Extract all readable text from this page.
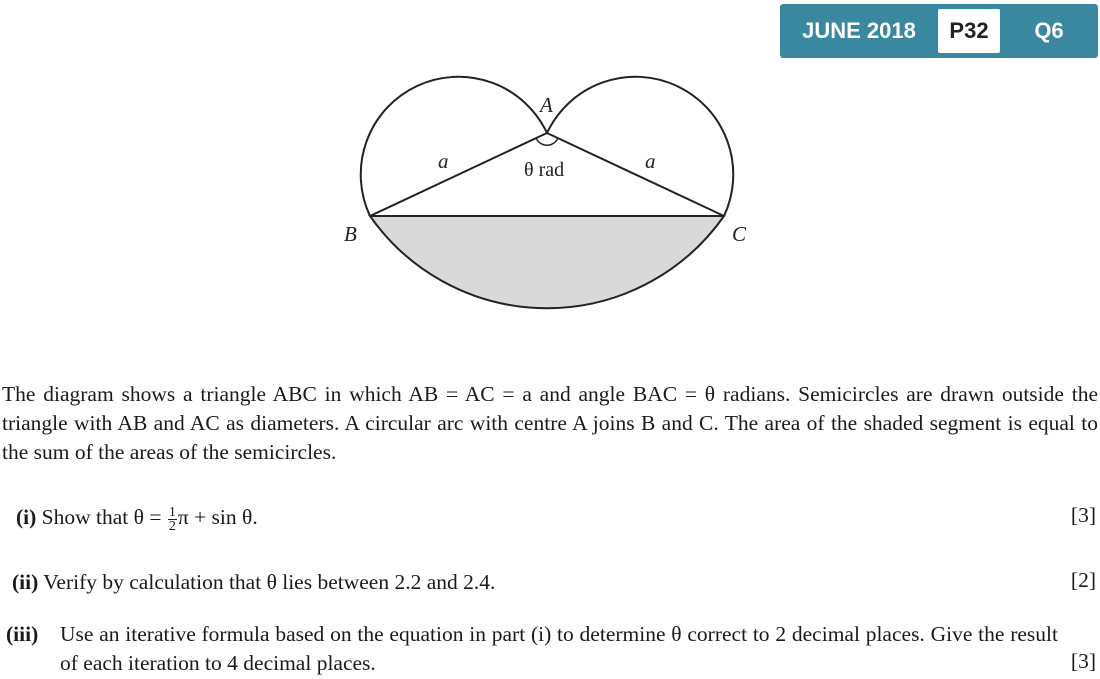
JUNE 2018	P32	Q6
A
B	C
a	a
θ rad

The diagram shows a triangle ABC in which AB = AC = a and angle BAC = θ radians. Semicircles are drawn outside the triangle with AB and AC as diameters. A circular arc with centre A joins B and C. The area of the shaded segment is equal to the sum of the areas of the semicircles.

(i) Show that $\theta = \frac{1}{2}$ π + sin θ.	[3]
(ii) Verify by calculation that θ lies between 2.2 and 2.4.	[2]
(iii)	Use an iterative formula based on the equation in part (i) to determine θ correct to 2 decimal places. Give the result of each iteration to 4 decimal places.	[3]
